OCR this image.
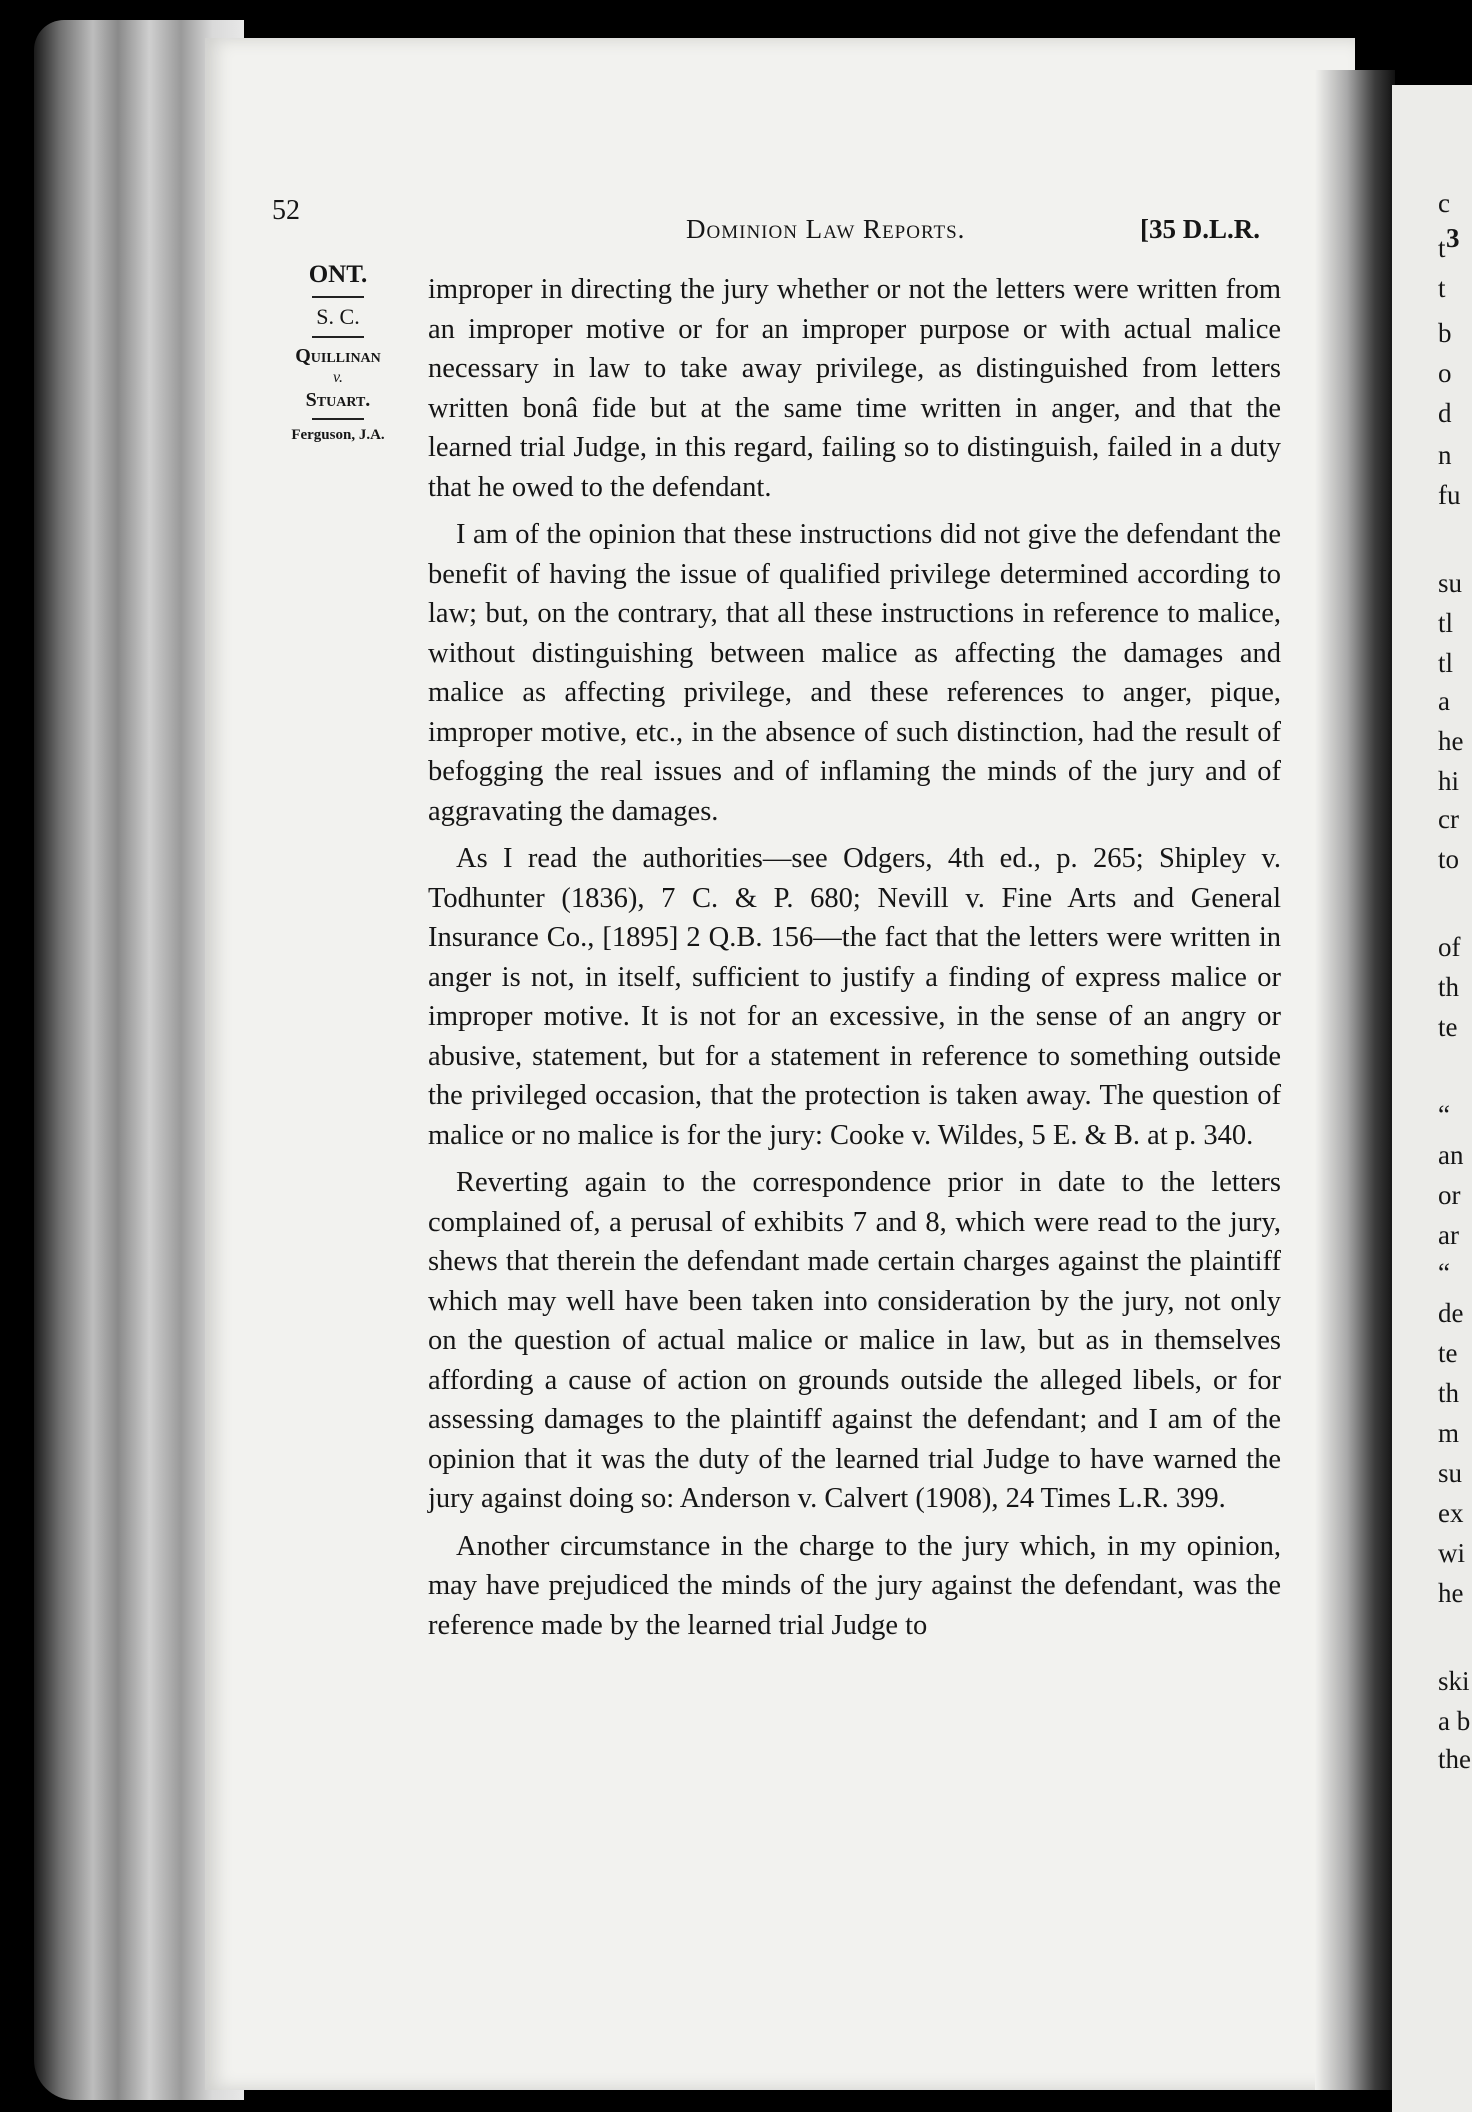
3
c
t
t
b
o
d
n
fu
su
tl
tl
a
he
hi
cr
to
of
th
te
“
an
or
ar
“
de
te
th
m
su
ex
wi
he
ski
a b
the
52
Dominion Law Reports.	[35 D.L.R.
ONT.
S. C.
Quillinan
v.
Stuart.
Ferguson, J.A.

improper in directing the jury whether or not the letters were written from an improper motive or for an improper purpose or with actual malice necessary in law to take away privilege, as distinguished from letters written bonâ fide but at the same time written in anger, and that the learned trial Judge, in this regard, failing so to distinguish, failed in a duty that he owed to the defendant.

I am of the opinion that these instructions did not give the defendant the benefit of having the issue of qualified privilege determined according to law; but, on the contrary, that all these instructions in reference to malice, without distinguishing between malice as affecting the damages and malice as affecting privilege, and these references to anger, pique, improper motive, etc., in the absence of such distinction, had the result of befogging the real issues and of inflaming the minds of the jury and of aggravating the damages.

As I read the authorities—see Odgers, 4th ed., p. 265; Shipley v. Todhunter (1836), 7 C. & P. 680; Nevill v. Fine Arts and General Insurance Co., [1895] 2 Q.B. 156—the fact that the letters were written in anger is not, in itself, sufficient to justify a finding of express malice or improper motive. It is not for an excessive, in the sense of an angry or abusive, statement, but for a statement in reference to something outside the privileged occasion, that the protection is taken away. The question of malice or no malice is for the jury: Cooke v. Wildes, 5 E. & B. at p. 340.

Reverting again to the correspondence prior in date to the letters complained of, a perusal of exhibits 7 and 8, which were read to the jury, shews that therein the defendant made certain charges against the plaintiff which may well have been taken into consideration by the jury, not only on the question of actual malice or malice in law, but as in themselves affording a cause of action on grounds outside the alleged libels, or for assessing damages to the plaintiff against the defendant; and I am of the opinion that it was the duty of the learned trial Judge to have warned the jury against doing so: Anderson v. Calvert (1908), 24 Times L.R. 399.

Another circumstance in the charge to the jury which, in my opinion, may have prejudiced the minds of the jury against the defendant, was the reference made by the learned trial Judge to
